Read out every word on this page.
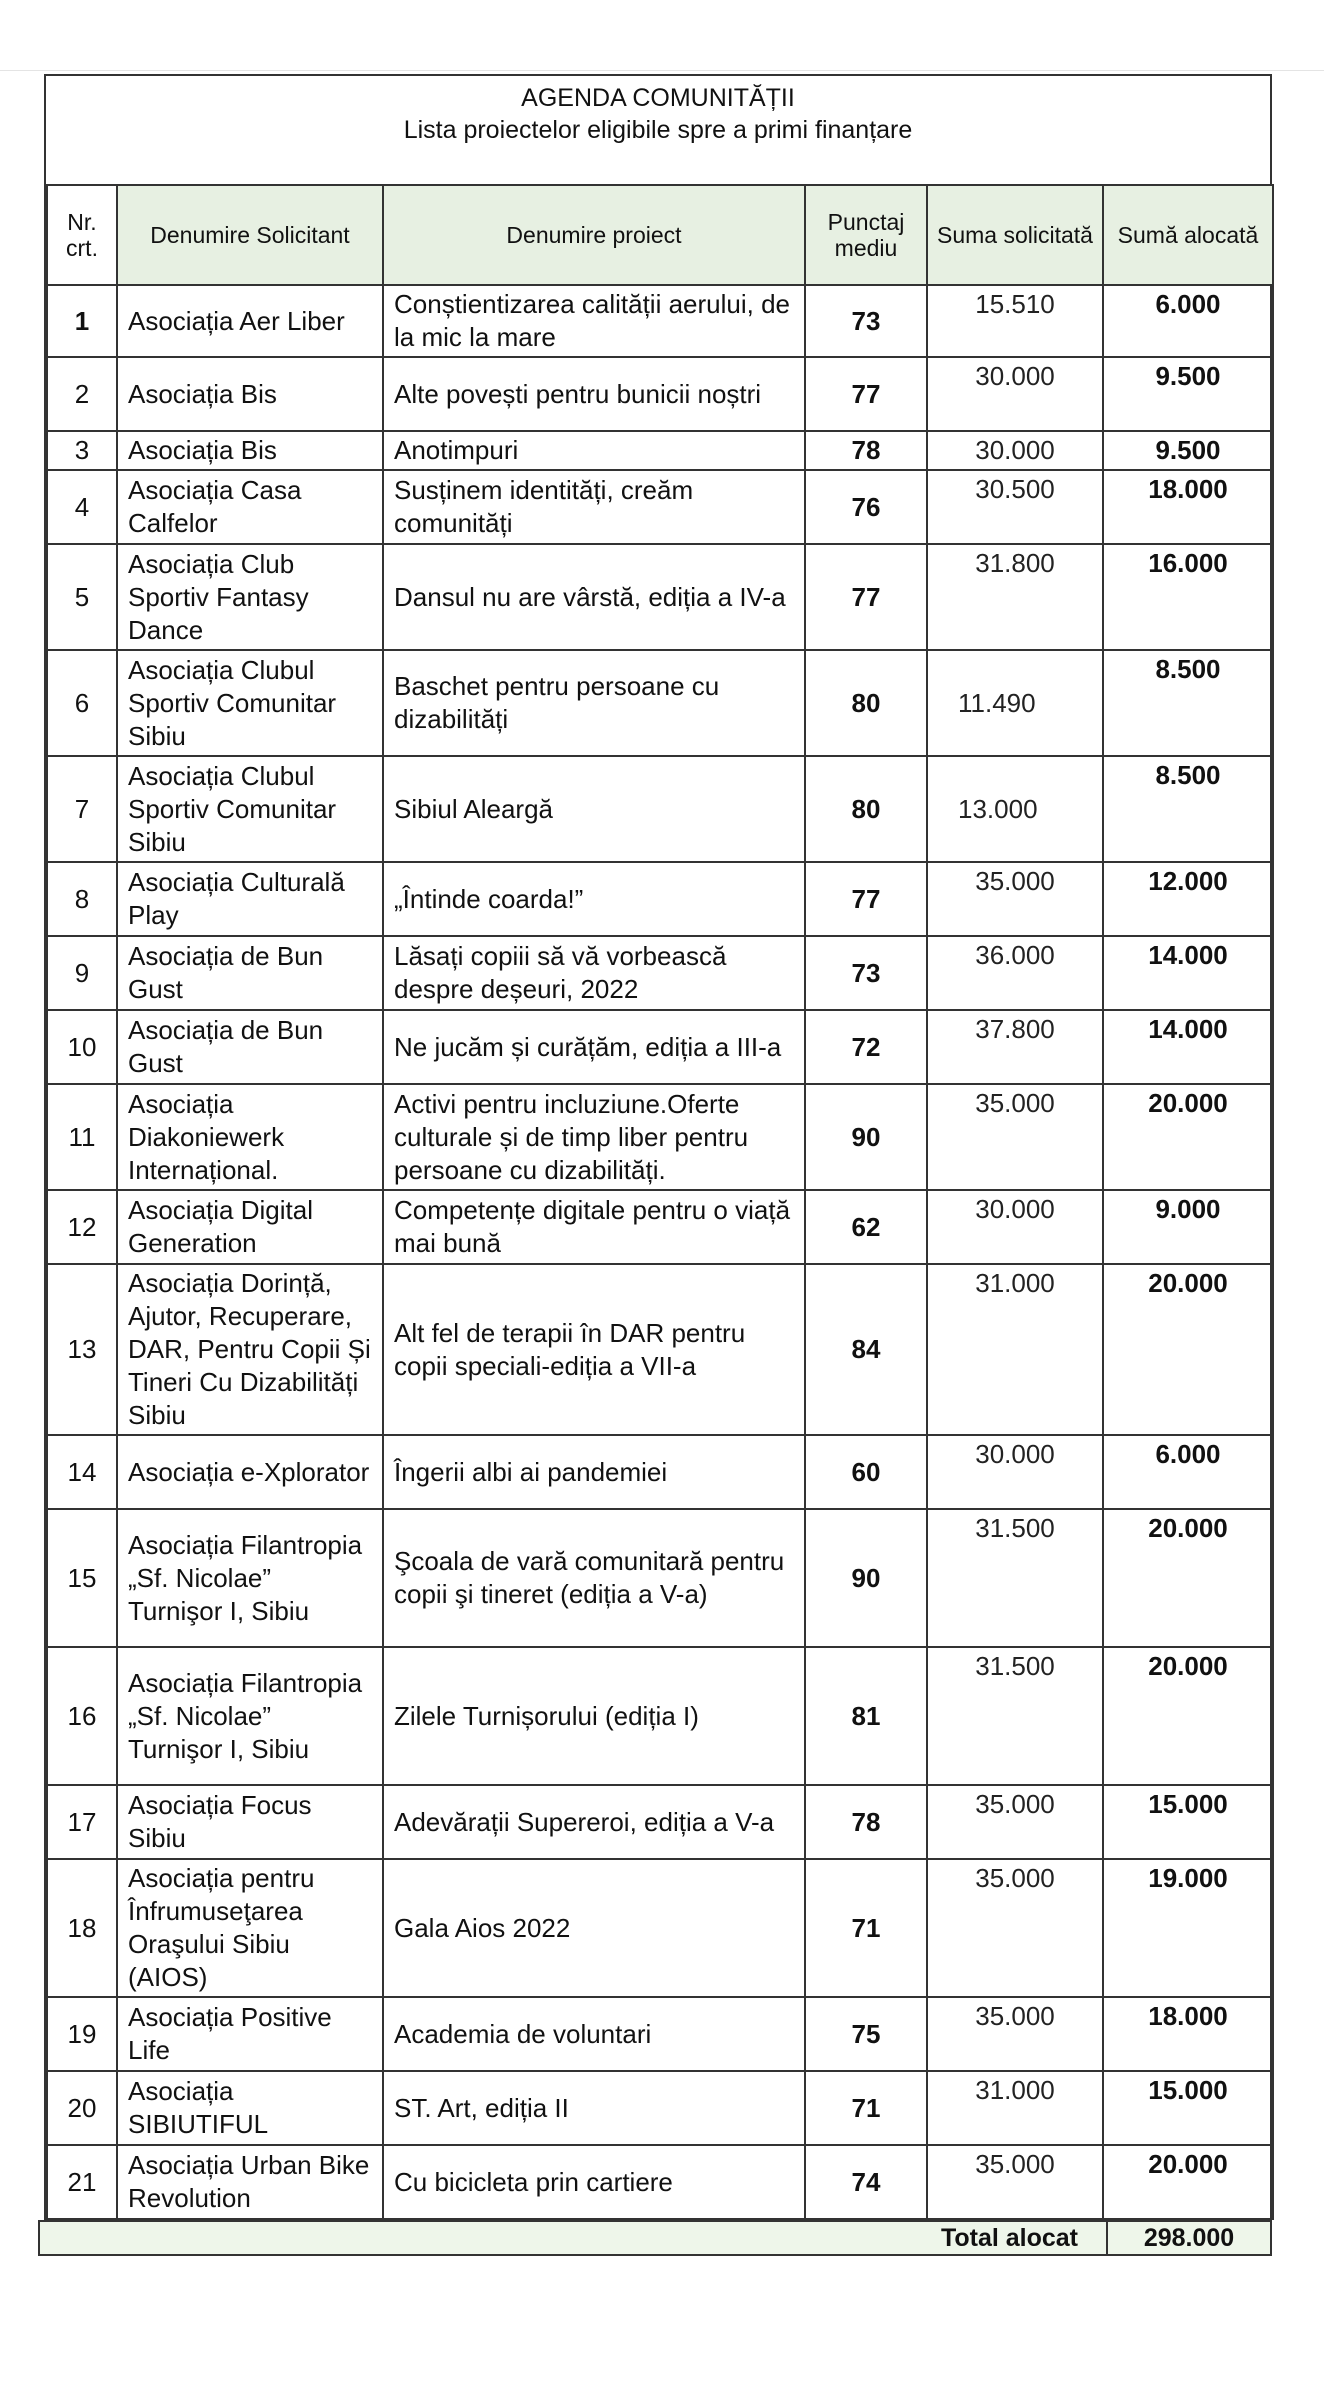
AGENDA COMUNITĂȚII
Lista proiectelor eligibile spre a primi finanțare
Nr. crt.	Denumire Solicitant	Denumire proiect	Punctaj mediu	Suma solicitată	Sumă alocată
1	Asociația Aer Liber	Conștientizarea calității aerului, de la mic la mare	73	15.510	6.000
2	Asociația Bis	Alte povești pentru bunicii noștri	77	30.000	9.500
3	Asociația Bis	Anotimpuri	78	30.000	9.500
4	Asociația Casa Calfelor	Susținem identități, creăm comunități	76	30.500	18.000
5	Asociația Club Sportiv Fantasy Dance	Dansul nu are vârstă, ediția a IV-a	77	31.800	16.000
6	Asociația Clubul Sportiv Comunitar Sibiu	Baschet pentru persoane cu dizabilități	80	11.490	8.500
7	Asociația Clubul Sportiv Comunitar Sibiu	Sibiul Aleargă	80	13.000	8.500
8	Asociația Culturală Play	„Întinde coarda!”	77	35.000	12.000
9	Asociația de Bun Gust	Lăsați copiii să vă vorbească despre deșeuri, 2022	73	36.000	14.000
10	Asociația de Bun Gust	Ne jucăm și curățăm, ediția a III-a	72	37.800	14.000
11	Asociația Diakoniewerk Internațional.	Activi pentru incluziune.Oferte culturale și de timp liber pentru persoane cu dizabilități.	90	35.000	20.000
12	Asociația Digital Generation	Competențe digitale pentru o viață mai bună	62	30.000	9.000
13	Asociația Dorință, Ajutor, Recuperare, DAR, Pentru Copii Și Tineri Cu Dizabilități Sibiu	Alt fel de terapii în DAR pentru copii speciali-ediția a VII-a	84	31.000	20.000
14	Asociația e-Xplorator	Îngerii albi ai pandemiei	60	30.000	6.000
15	Asociația Filantropia „Sf. Nicolae” Turnişor I, Sibiu	Şcoala de vară comunitară pentru copii şi tineret (ediția a V-a)	90	31.500	20.000
16	Asociația Filantropia „Sf. Nicolae” Turnişor I, Sibiu	Zilele Turnișorului (ediția I)	81	31.500	20.000
17	Asociația Focus Sibiu	Adevărații Supereroi, ediția a V-a	78	35.000	15.000
18	Asociația pentru Înfrumuseţarea Oraşului Sibiu (AIOS)	Gala Aios 2022	71	35.000	19.000
19	Asociația Positive Life	Academia de voluntari	75	35.000	18.000
20	Asociația SIBIUTIFUL	ST. Art, ediția II	71	31.000	15.000
21	Asociația Urban Bike Revolution	Cu bicicleta prin cartiere	74	35.000	20.000
Total alocat	298.000
